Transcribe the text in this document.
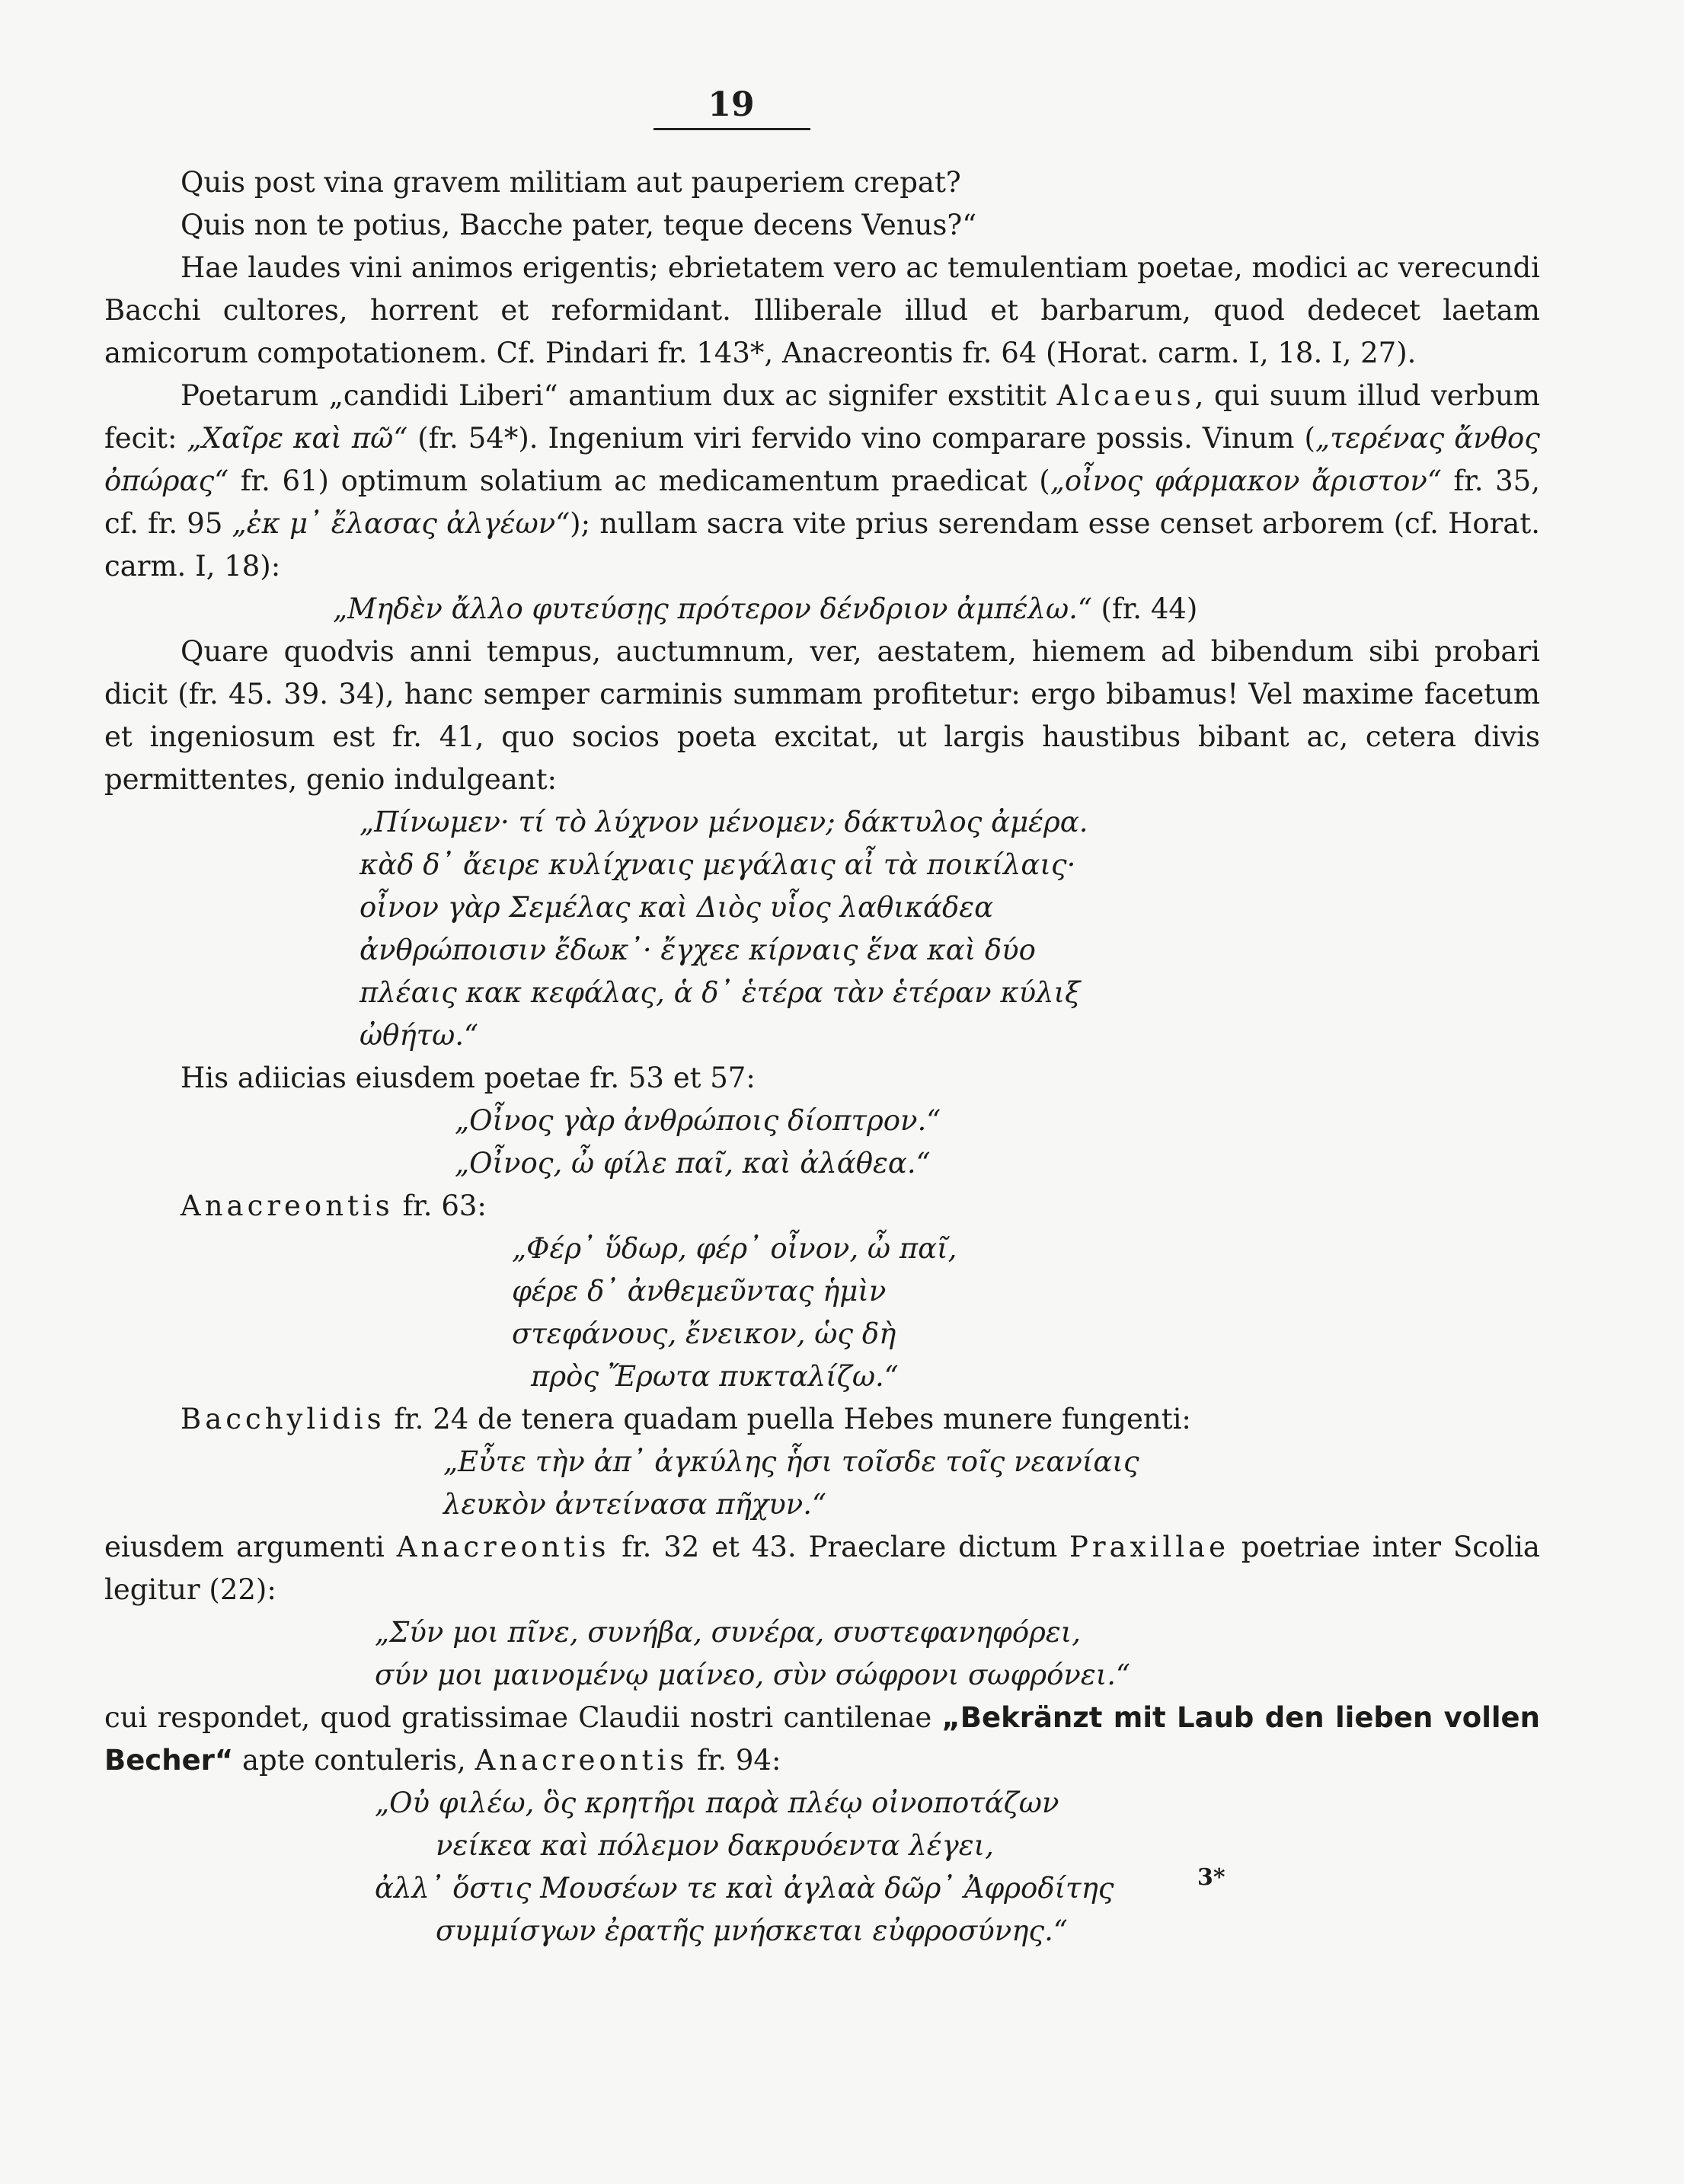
19

Quis post vina gravem militiam aut pauperiem crepat?

Quis non te potius, Bacche pater, teque decens Venus?“

Hae laudes vini animos erigentis; ebrietatem vero ac temulentiam poetae, modici ac verecundi Bacchi cultores, horrent et reformidant. Illiberale illud et barbarum, quod dedecet laetam amicorum compotationem. Cf. Pindari fr. 143*, Anacreontis fr. 64 (Horat. carm. I, 18. I, 27).

Poetarum „candidi Liberi“ amantium dux ac signifer exstitit Alcaeus, qui suum illud verbum fecit: „Χαῖρε καὶ πῶ“ (fr. 54*). Ingenium viri fervido vino comparare possis. Vinum („τερένας ἄνθος ὀπώρας“ fr. 61) optimum solatium ac medicamentum praedicat („οἶνος φάρμακον ἄριστον“ fr. 35, cf. fr. 95 „ἐκ μ᾽ ἔλασας ἀλγέων“); nullam sacra vite prius serendam esse censet arborem (cf. Horat. carm. I, 18):

„Μηδὲν ἄλλο φυτεύσῃς πρότερον δένδριον ἀμπέλω.“ (fr. 44)

Quare quodvis anni tempus, auctumnum, ver, aestatem, hiemem ad bibendum sibi probari dicit (fr. 45. 39. 34), hanc semper carminis summam profitetur: ergo bibamus! Vel maxime facetum et ingeniosum est fr. 41, quo socios poeta excitat, ut largis haustibus bibant ac, cetera divis permittentes, genio indulgeant:

„Πίνωμεν· τί τὸ λύχνον μένομεν; δάκτυλος ἀμέρα.

κὰδ δ᾽ ἄειρε κυλίχναις μεγάλαις αἶ τὰ ποικίλαις·

οἶνον γὰρ Σεμέλας καὶ Διὸς υἷος λαθικάδεα

ἀνθρώποισιν ἔδωκ᾽· ἔγχεε κίρναις ἕνα καὶ δύο

πλέαις κακ κεφάλας, ἁ δ᾽ ἑτέρα τὰν ἑτέραν κύλιξ

ὠθήτω.“

His adiicias eiusdem poetae fr. 53 et 57:

„Οἶνος γὰρ ἀνθρώποις δίοπτρον.“

„Οἶνος, ὦ φίλε παῖ, καὶ ἀλάθεα.“

Anacreontis fr. 63:

„Φέρ᾽ ὕδωρ, φέρ᾽ οἶνον, ὦ παῖ,

φέρε δ᾽ ἀνθεμεῦντας ἡμὶν

στεφάνους, ἔνεικον, ὡς δὴ

πρὸς Ἔρωτα πυκταλίζω.“

Bacchylidis fr. 24 de tenera quadam puella Hebes munere fungenti:

„Εὖτε τὴν ἀπ᾽ ἀγκύλης ἧσι τοῖσδε τοῖς νεανίαις

λευκὸν ἀντείνασα πῆχυν.“

eiusdem argumenti Anacreontis fr. 32 et 43. Praeclare dictum Praxillae poetriae inter Scolia legitur (22):

„Σύν μοι πῖνε, συνήβα, συνέρα, συστεφανηφόρει,

σύν μοι μαινομένῳ μαίνεο, σὺν σώφρονι σωφρόνει.“

cui respondet, quod gratissimae Claudii nostri cantilenae „Bekränzt mit Laub den lieben vollen Becher“ apte contuleris, Anacreontis fr. 94:

„Οὐ φιλέω, ὃς κρητῆρι παρὰ πλέῳ οἰνοποτάζων

νείκεα καὶ πόλεμον δακρυόεντα λέγει,

ἀλλ᾽ ὅστις Μουσέων τε καὶ ἀγλαὰ δῶρ᾽ Ἀφροδίτης

συμμίσγων ἐρατῆς μνήσκεται εὐφροσύνης.“

3*
